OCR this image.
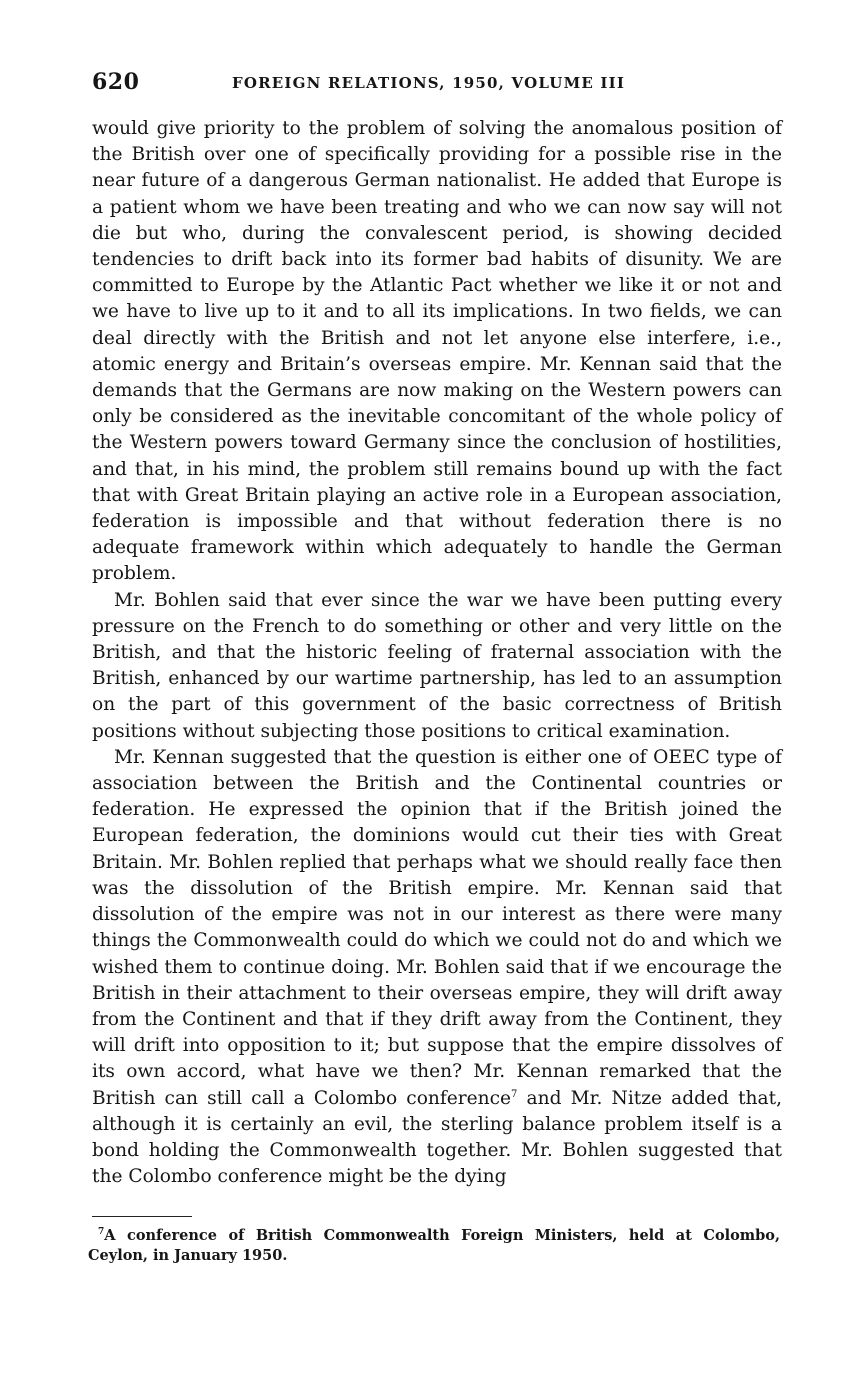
620	FOREIGN RELATIONS, 1950, VOLUME III

would give priority to the problem of solving the anomalous position of the British over one of specifically providing for a possible rise in the near future of a dangerous German nationalist. He added that Europe is a patient whom we have been treating and who we can now say will not die but who, during the convalescent period, is showing decided tendencies to drift back into its former bad habits of disunity. We are committed to Europe by the Atlantic Pact whether we like it or not and we have to live up to it and to all its implications. In two fields, we can deal directly with the British and not let anyone else interfere, i.e., atomic energy and Britain’s overseas empire. Mr. Kennan said that the demands that the Germans are now making on the Western powers can only be considered as the inevitable concomitant of the whole policy of the Western powers toward Germany since the conclusion of hostilities, and that, in his mind, the problem still remains bound up with the fact that with Great Britain playing an active role in a European association, federation is impossible and that without federation there is no adequate framework within which adequately to handle the German problem.

Mr. Bohlen said that ever since the war we have been putting every pressure on the French to do something or other and very little on the British, and that the historic feeling of fraternal association with the British, enhanced by our wartime partnership, has led to an assumption on the part of this government of the basic correctness of British positions without subjecting those positions to critical examination.

Mr. Kennan suggested that the question is either one of OEEC type of association between the British and the Continental countries or federation. He expressed the opinion that if the British joined the European federation, the dominions would cut their ties with Great Britain. Mr. Bohlen replied that perhaps what we should really face then was the dissolution of the British empire. Mr. Kennan said that dissolution of the empire was not in our interest as there were many things the Commonwealth could do which we could not do and which we wished them to continue doing. Mr. Bohlen said that if we encourage the British in their attachment to their overseas empire, they will drift away from the Continent and that if they drift away from the Continent, they will drift into opposition to it; but suppose that the empire dissolves of its own accord, what have we then? Mr. Kennan remarked that the British can still call a Colombo conference$^7$ and Mr. Nitze added that, although it is certainly an evil, the sterling balance problem itself is a bond holding the Commonwealth together. Mr. Bohlen suggested that the Colombo conference might be the dying

$^7$A conference of British Commonwealth Foreign Ministers, held at Colombo, Ceylon, in January 1950.
